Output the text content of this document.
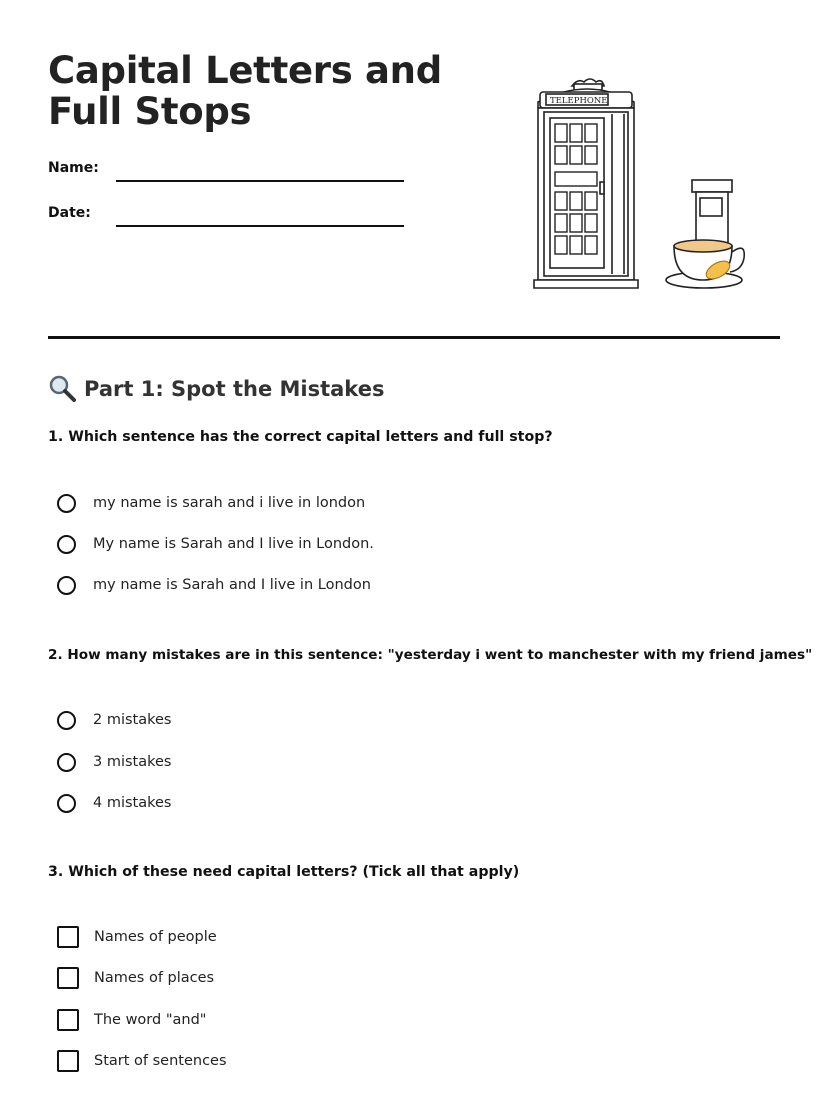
Capital Letters and Full Stops
Name:
Date:
TELEPHONE
Part 1: Spot the Mistakes

1. Which sentence has the correct capital letters and full stop?

my name is sarah and i live in london
My name is Sarah and I live in London.
my name is Sarah and I live in London

2. How many mistakes are in this sentence: "yesterday i went to manchester with my friend james"

2 mistakes
3 mistakes
4 mistakes

3. Which of these need capital letters? (Tick all that apply)

Names of people
Names of places
The word "and"
Start of sentences
